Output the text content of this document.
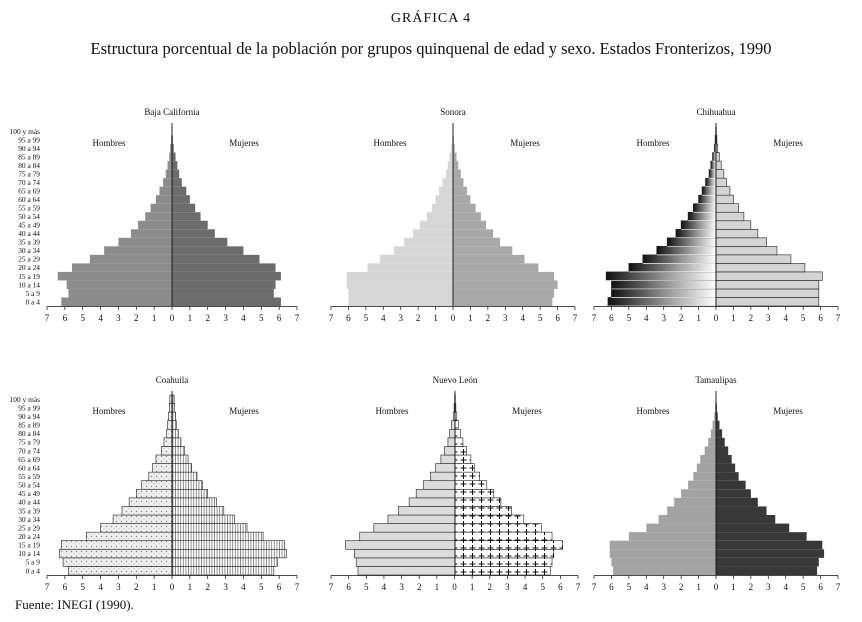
GRÁFICA 4
Estructura porcentual de la población por grupos quinquenal de edad y sexo. Estados Fronterizos, 1990
Baja California
Hombres	Mujeres
0 a 4
5 a 9
10 a 14
15 a 19
20 a 24
25 a 29
30 a 34
35 a 39
40 a 44
45 a 49
50 a 54
55 a 59
60 a 64
65 a 69
70 a 74
75 a 79
80 a 84
85 a 89
90 a 94
95 a 99
100 y más
7 6 5 4 3 2 1 0 1 2 3 4 5 6 7
Sonora
Hombres	Mujeres
7 6 5 4 3 2 1 0 1 2 3 4 5 6 7
Chihuahua
Hombres	Mujeres
7 6 5 4 3 2 1 0 1 2 3 4 5 6 7
Coahuila
Hombres	Mujeres
0 a 4
5 a 9
10 a 14
15 a 19
20 a 24
25 a 29
30 a 34
35 a 39
40 a 44
45 a 49
50 a 54
55 a 59
60 a 64
65 a 69
70 a 74
75 a 79
80 a 84
85 a 89
90 a 94
95 a 99
100 y más
7 6 5 4 3 2 1 0 1 2 3 4 5 6 7
Nuevo León
Hombres	Mujeres
7 6 5 4 3 2 1 0 1 2 3 4 5 6 7
Tamaulipas
Hombres	Mujeres
7 6 5 4 3 2 1 0 1 2 3 4 5 6 7
Fuente: INEGI (1990).
